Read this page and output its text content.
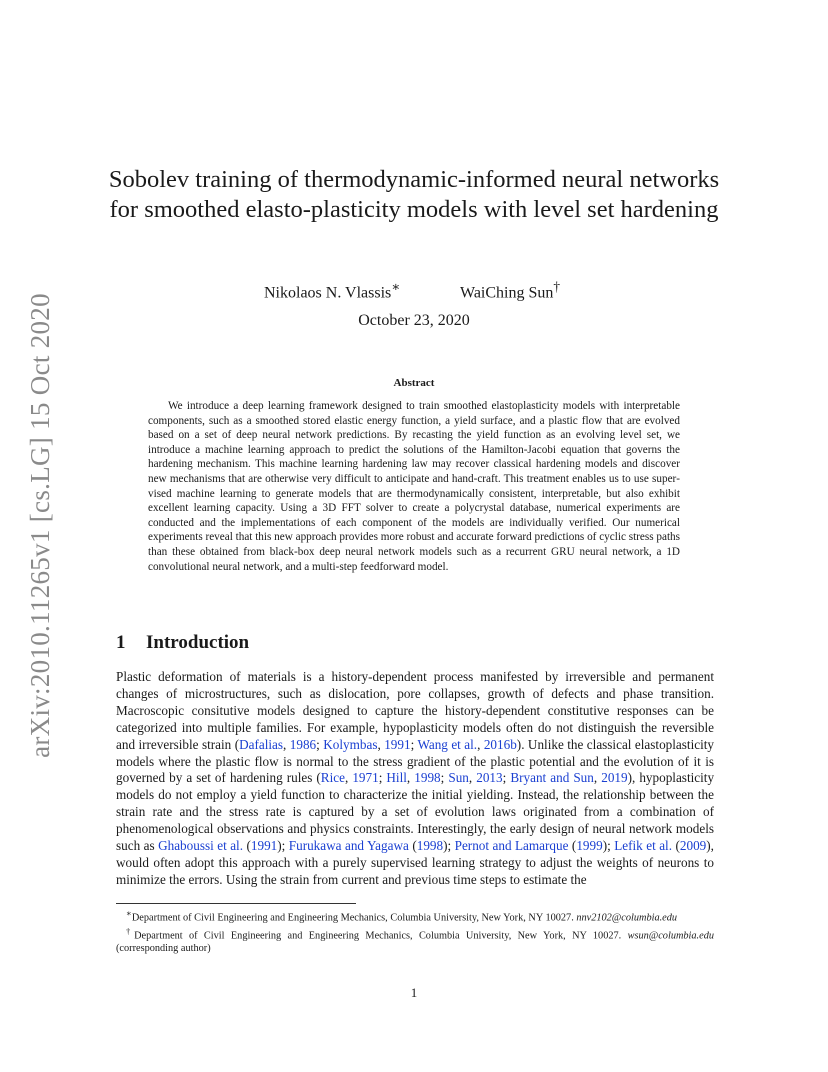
arXiv:2010.11265v1 [cs.LG] 15 Oct 2020
Sobolev training of thermodynamic-informed neural networks for smoothed elasto-plasticity models with level set hardening
Nikolaos N. Vlassis∗	WaiChing Sun†
October 23, 2020
Abstract

We introduce a deep learning framework designed to train smoothed elastoplasticity models with interpretable components, such as a smoothed stored elastic energy function, a yield surface, and a plastic flow that are evolved based on a set of deep neural network predictions. By recasting the yield function as an evolving level set, we introduce a machine learning approach to predict the solutions of the Hamilton-Jacobi equation that governs the hardening mechanism. This machine learning hardening law may recover classical hardening models and discover new mechanisms that are otherwise very difficult to anticipate and hand-craft. This treatment enables us to use supervised machine learning to generate models that are thermodynamically consistent, interpretable, but also exhibit excellent learning capacity. Using a 3D FFT solver to create a polycrystal database, numerical experiments are conducted and the implementations of each component of the models are individually verified. Our numerical experiments reveal that this new approach provides more robust and accurate forward predictions of cyclic stress paths than these obtained from black-box deep neural network models such as a recurrent GRU neural network, a 1D convolutional neural network, and a multi-step feedforward model.

1 Introduction

Plastic deformation of materials is a history-dependent process manifested by irreversible and permanent changes of microstructures, such as dislocation, pore collapses, growth of defects and phase transition. Macroscopic consitutive models designed to capture the history-dependent constitutive responses can be categorized into multiple families. For example, hypoplasticity models often do not distinguish the reversible and irreversible strain (Dafalias, 1986; Kolymbas, 1991; Wang et al., 2016b). Unlike the classical elastoplasticity models where the plastic flow is normal to the stress gradient of the plastic potential and the evolution of it is governed by a set of hardening rules (Rice, 1971; Hill, 1998; Sun, 2013; Bryant and Sun, 2019), hypoplasticity models do not employ a yield function to characterize the initial yielding. Instead, the relationship between the strain rate and the stress rate is captured by a set of evolution laws originated from a combination of phenomenological observations and physics constraints. Interestingly, the early design of neural network models such as Ghaboussi et al. (1991); Furukawa and Yagawa (1998); Pernot and Lamarque (1999); Lefik et al. (2009), would often adopt this approach with a purely supervised learning strategy to adjust the weights of neurons to minimize the errors. Using the strain from current and previous time steps to estimate the

∗Department of Civil Engineering and Engineering Mechanics, Columbia University, New York, NY 10027. nnv2102@columbia.edu

†Department of Civil Engineering and Engineering Mechanics, Columbia University, New York, NY 10027. wsun@columbia.edu (corresponding author)

1
